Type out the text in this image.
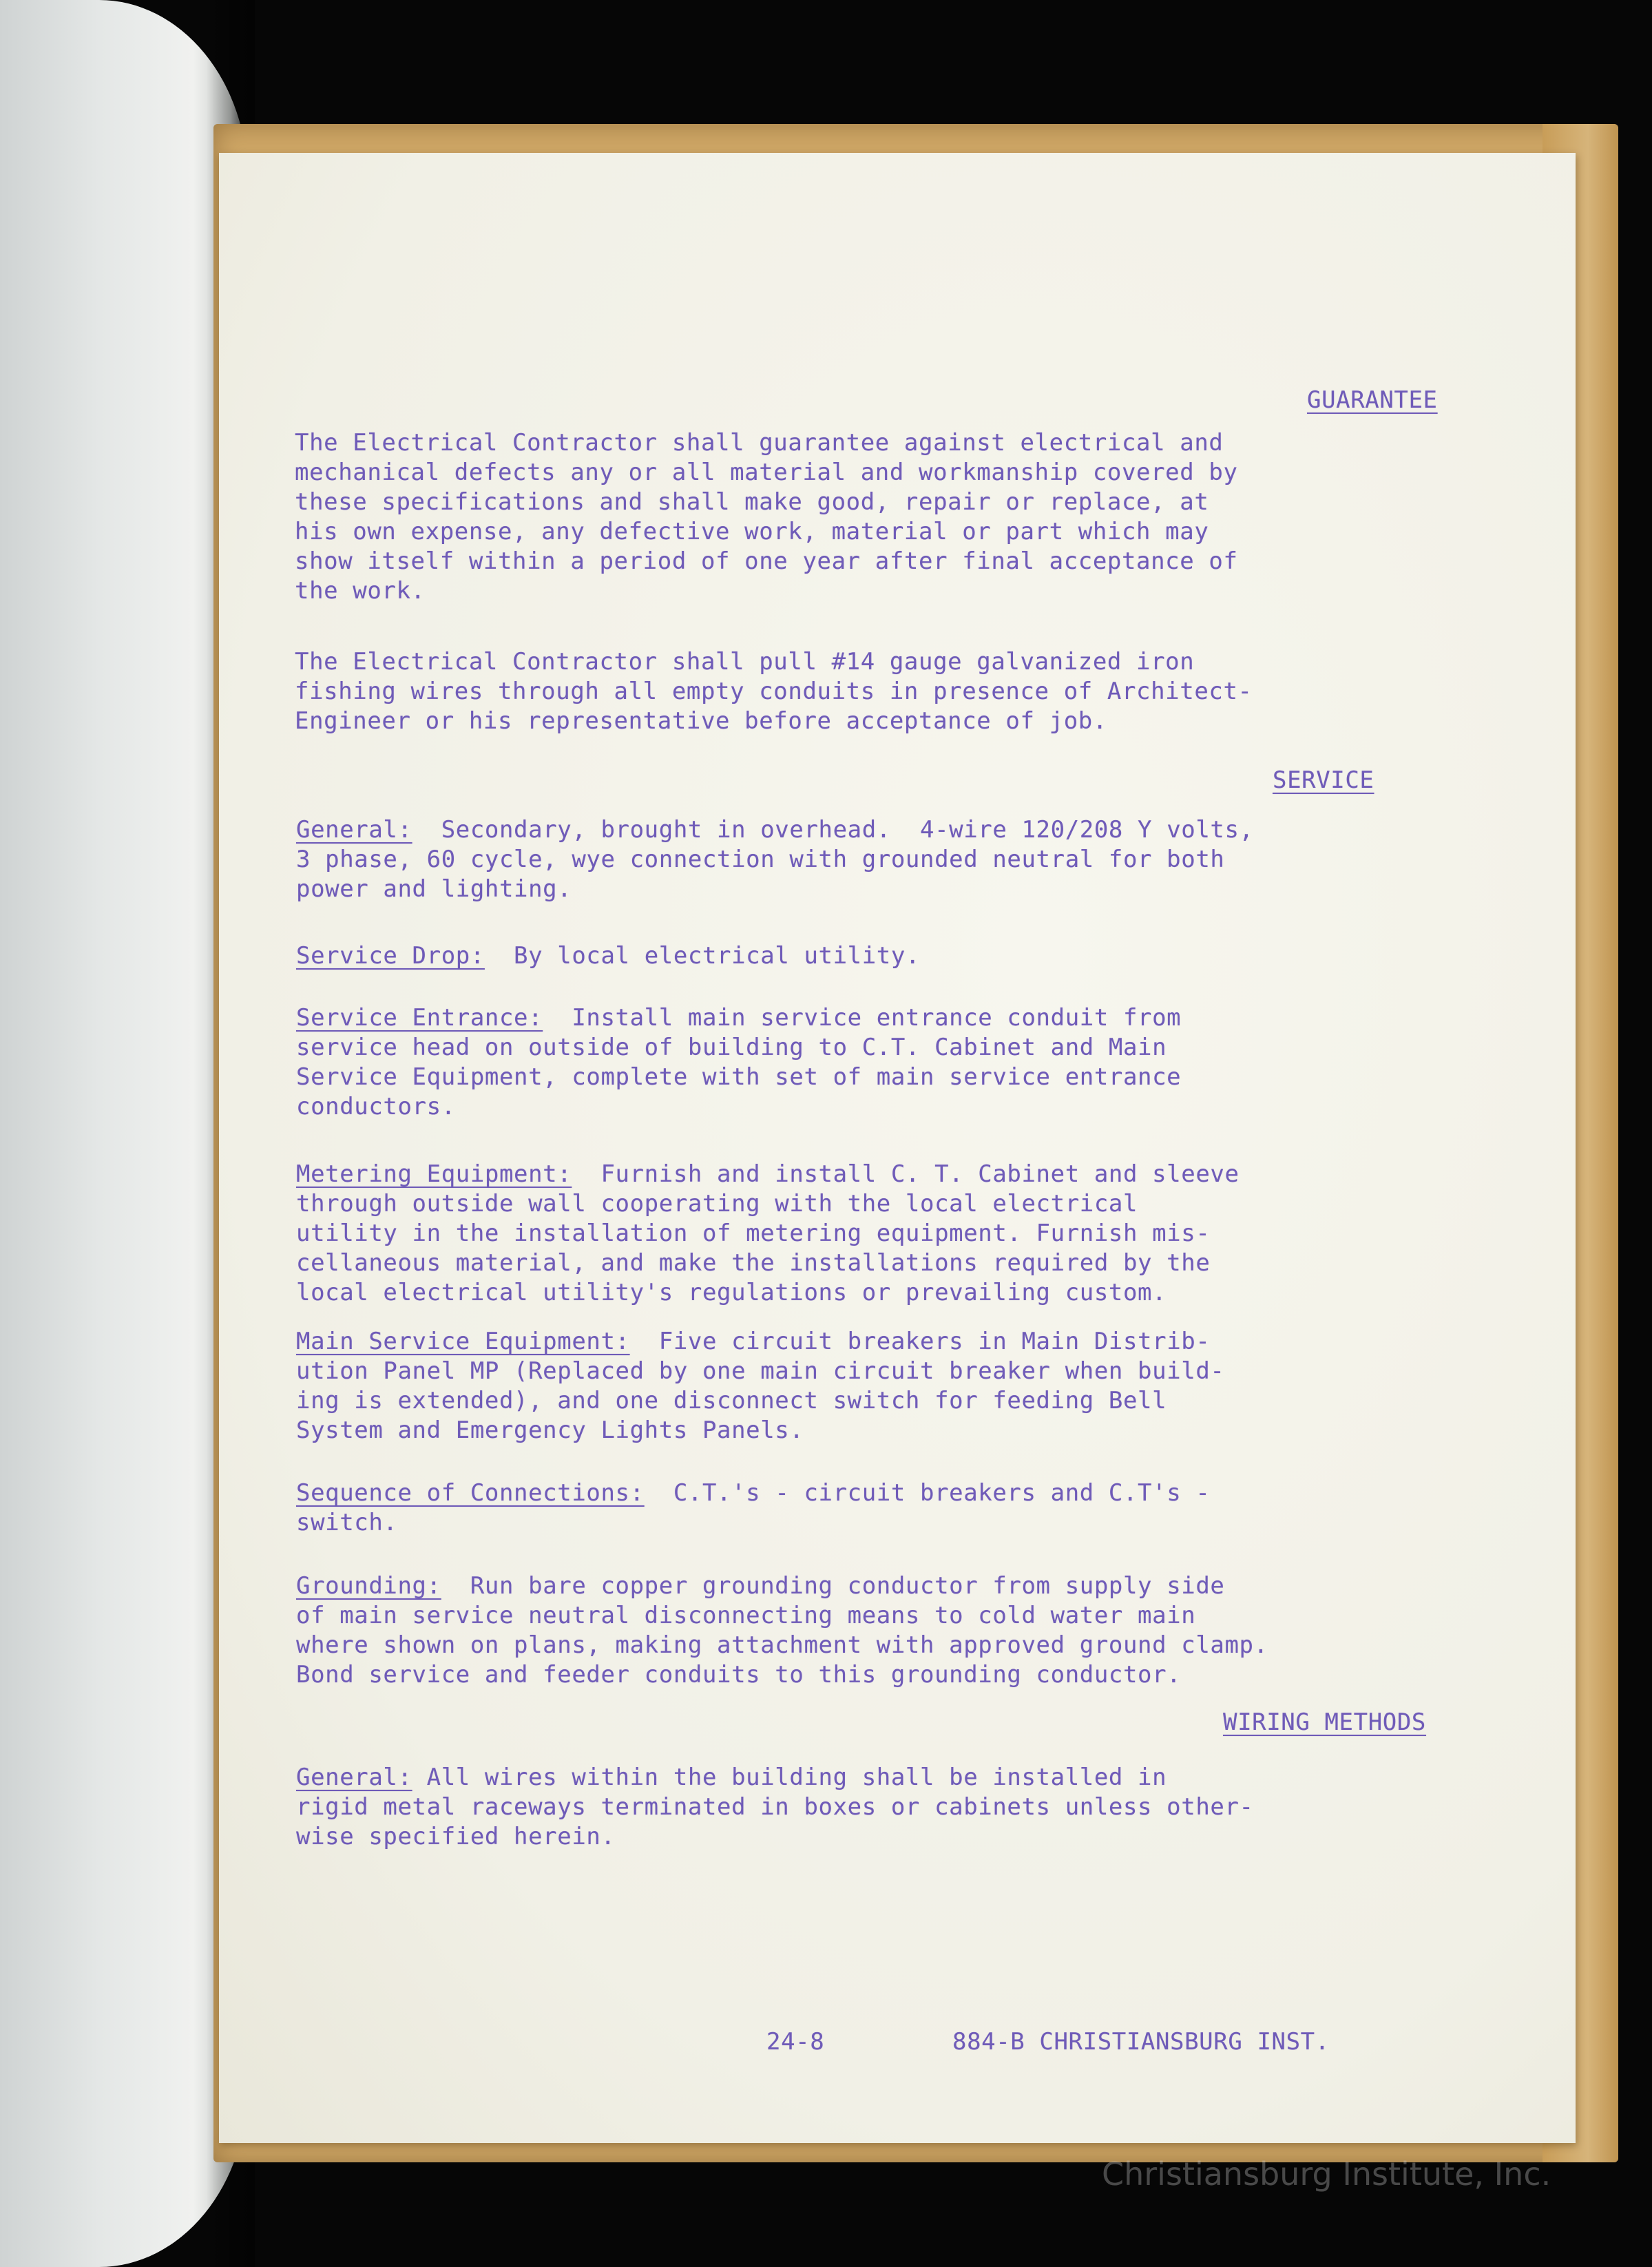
GUARANTEE
The Electrical Contractor shall guarantee against electrical and
mechanical defects any or all material and workmanship covered by
these specifications and shall make good, repair or replace, at
his own expense, any defective work, material or part which may
show itself within a period of one year after final acceptance of
the work.
The Electrical Contractor shall pull #14 gauge galvanized iron
fishing wires through all empty conduits in presence of Architect-
Engineer or his representative before acceptance of job.
SERVICE
General:  Secondary, brought in overhead.  4-wire 120/208 Y volts,
3 phase, 60 cycle, wye connection with grounded neutral for both
power and lighting.
Service Drop:  By local electrical utility.
Service Entrance:  Install main service entrance conduit from
service head on outside of building to C.T. Cabinet and Main
Service Equipment, complete with set of main service entrance
conductors.
Metering Equipment:  Furnish and install C. T. Cabinet and sleeve
through outside wall cooperating with the local electrical
utility in the installation of metering equipment. Furnish mis-
cellaneous material, and make the installations required by the
local electrical utility's regulations or prevailing custom.
Main Service Equipment:  Five circuit breakers in Main Distrib-
ution Panel MP (Replaced by one main circuit breaker when build-
ing is extended), and one disconnect switch for feeding Bell
System and Emergency Lights Panels.
Sequence of Connections:  C.T.'s - circuit breakers and C.T's -
switch.
Grounding:  Run bare copper grounding conductor from supply side
of main service neutral disconnecting means to cold water main
where shown on plans, making attachment with approved ground clamp.
Bond service and feeder conduits to this grounding conductor.
WIRING METHODS
General: All wires within the building shall be installed in
rigid metal raceways terminated in boxes or cabinets unless other-
wise specified herein.
24-8	884-B CHRISTIANSBURG INST.
Christiansburg Institute, Inc.
